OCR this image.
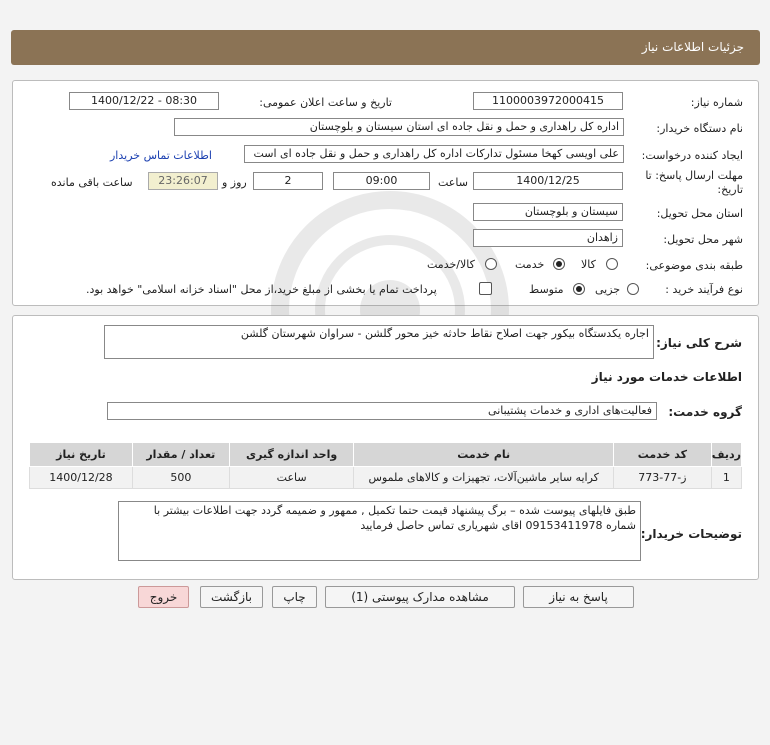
جزئیات اطلاعات نیاز
شماره نیاز:
1100003972000415
تاریخ و ساعت اعلان عمومی:
1400/12/22 - 08:30
نام دستگاه خریدار:
اداره کل راهداری و حمل و نقل جاده ای استان سیستان و بلوچستان
ایجاد کننده درخواست:
علی اویسی کهخا مسئول تدارکات اداره کل راهداری و حمل و نقل جاده ای است
اطلاعات تماس خریدار
مهلت ارسال پاسخ: تا
تاریخ:
1400/12/25
ساعت
09:00
2
روز و
23:26:07
ساعت باقی مانده
استان محل تحویل:
سیستان و بلوچستان
شهر محل تحویل:
زاهدان
طبقه بندی موضوعی:
کالا
خدمت
کالا/خدمت
نوع فرآیند خرید :
جزیی
متوسط
پرداخت تمام یا بخشی از مبلغ خرید،از محل "اسناد خزانه اسلامی" خواهد بود.
شرح کلی نیاز:
اجاره یکدستگاه بیکور جهت اصلاح نقاط حادثه خیز محور گلشن - سراوان شهرستان گلشن
اطلاعات خدمات مورد نیاز
گروه خدمت:
فعالیت‌های اداری و خدمات پشتیبانی
ردیف	کد خدمت	نام خدمت	واحد اندازه گیری	تعداد / مقدار	تاریخ نیاز
1	ز-77-773	کرایه سایر ماشین‌آلات، تجهیزات و کالاهای ملموس	ساعت	500	1400/12/28
توضیحات خریدار:
طبق فایلهای پیوست شده – برگ پیشنهاد قیمت حتما تکمیل , ممهور و ضمیمه گردد جهت اطلاعات بیشتر با شماره 09153411978 اقای شهریاری تماس حاصل فرمایید
پاسخ به نیاز
مشاهده مدارک پیوستی (1)
چاپ
بازگشت
خروج
